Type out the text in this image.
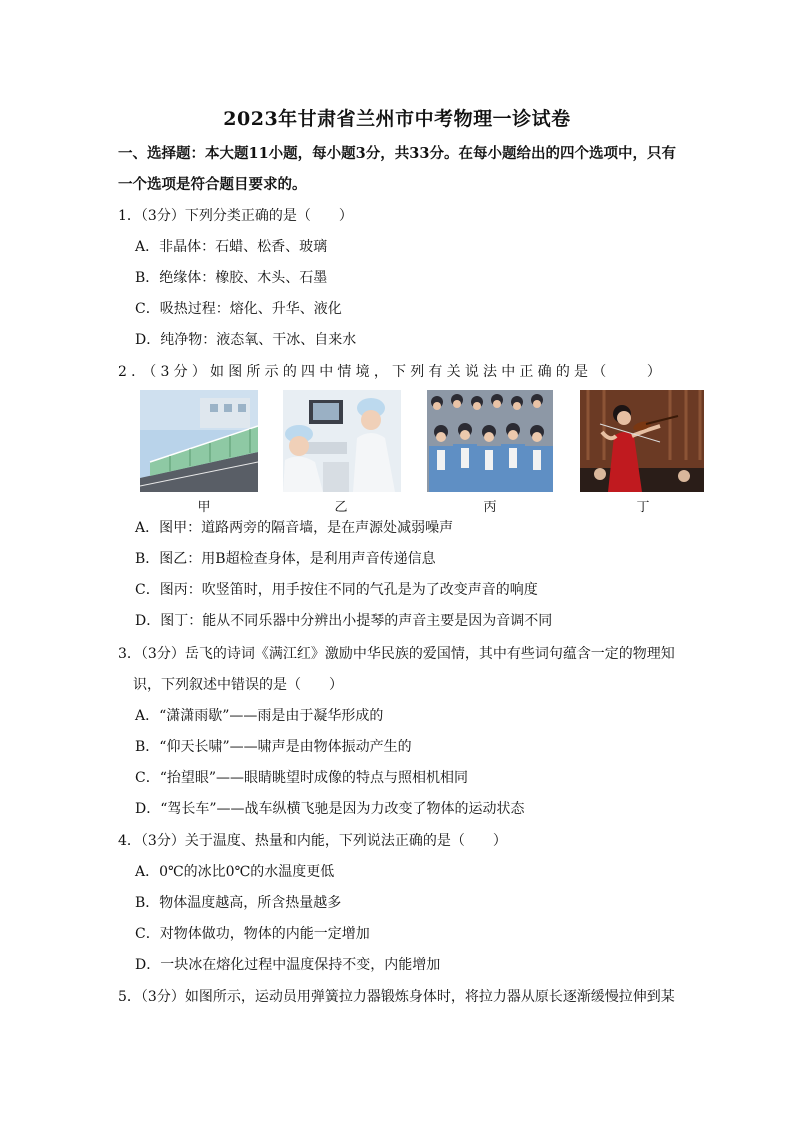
2023年甘肃省兰州市中考物理一诊试卷
一、选择题：本大题11小题，每小题3分，共33分。在每小题给出的四个选项中，只有
一个选项是符合题目要求的。
1．（3分）下列分类正确的是（　　）
A．非晶体：石蜡、松香、玻璃
B．绝缘体：橡胶、木头、石墨
C．吸热过程：熔化、升华、液化
D．纯净物：液态氧、干冰、自来水
2．（3分）如图所示的四中情境，下列有关说法中正确的是（　　）
甲	乙	丙	丁
A．图甲：道路两旁的隔音墙，是在声源处减弱噪声
B．图乙：用B超检查身体，是利用声音传递信息
C．图丙：吹竖笛时，用手按住不同的气孔是为了改变声音的响度
D．图丁：能从不同乐器中分辨出小提琴的声音主要是因为音调不同
3．（3分）岳飞的诗词《满江红》激励中华民族的爱国情，其中有些词句蕴含一定的物理知
识，下列叙述中错误的是（　　）
A．“潇潇雨歇”——雨是由于凝华形成的
B．“仰天长啸”——啸声是由物体振动产生的
C．“抬望眼”——眼睛眺望时成像的特点与照相机相同
D．“驾长车”——战车纵横飞驰是因为力改变了物体的运动状态
4．（3分）关于温度、热量和内能，下列说法正确的是（　　）
A．0℃的冰比0℃的水温度更低
B．物体温度越高，所含热量越多
C．对物体做功，物体的内能一定增加
D．一块冰在熔化过程中温度保持不变，内能增加
5．（3分）如图所示，运动员用弹簧拉力器锻炼身体时，将拉力器从原长逐渐缓慢拉伸到某
